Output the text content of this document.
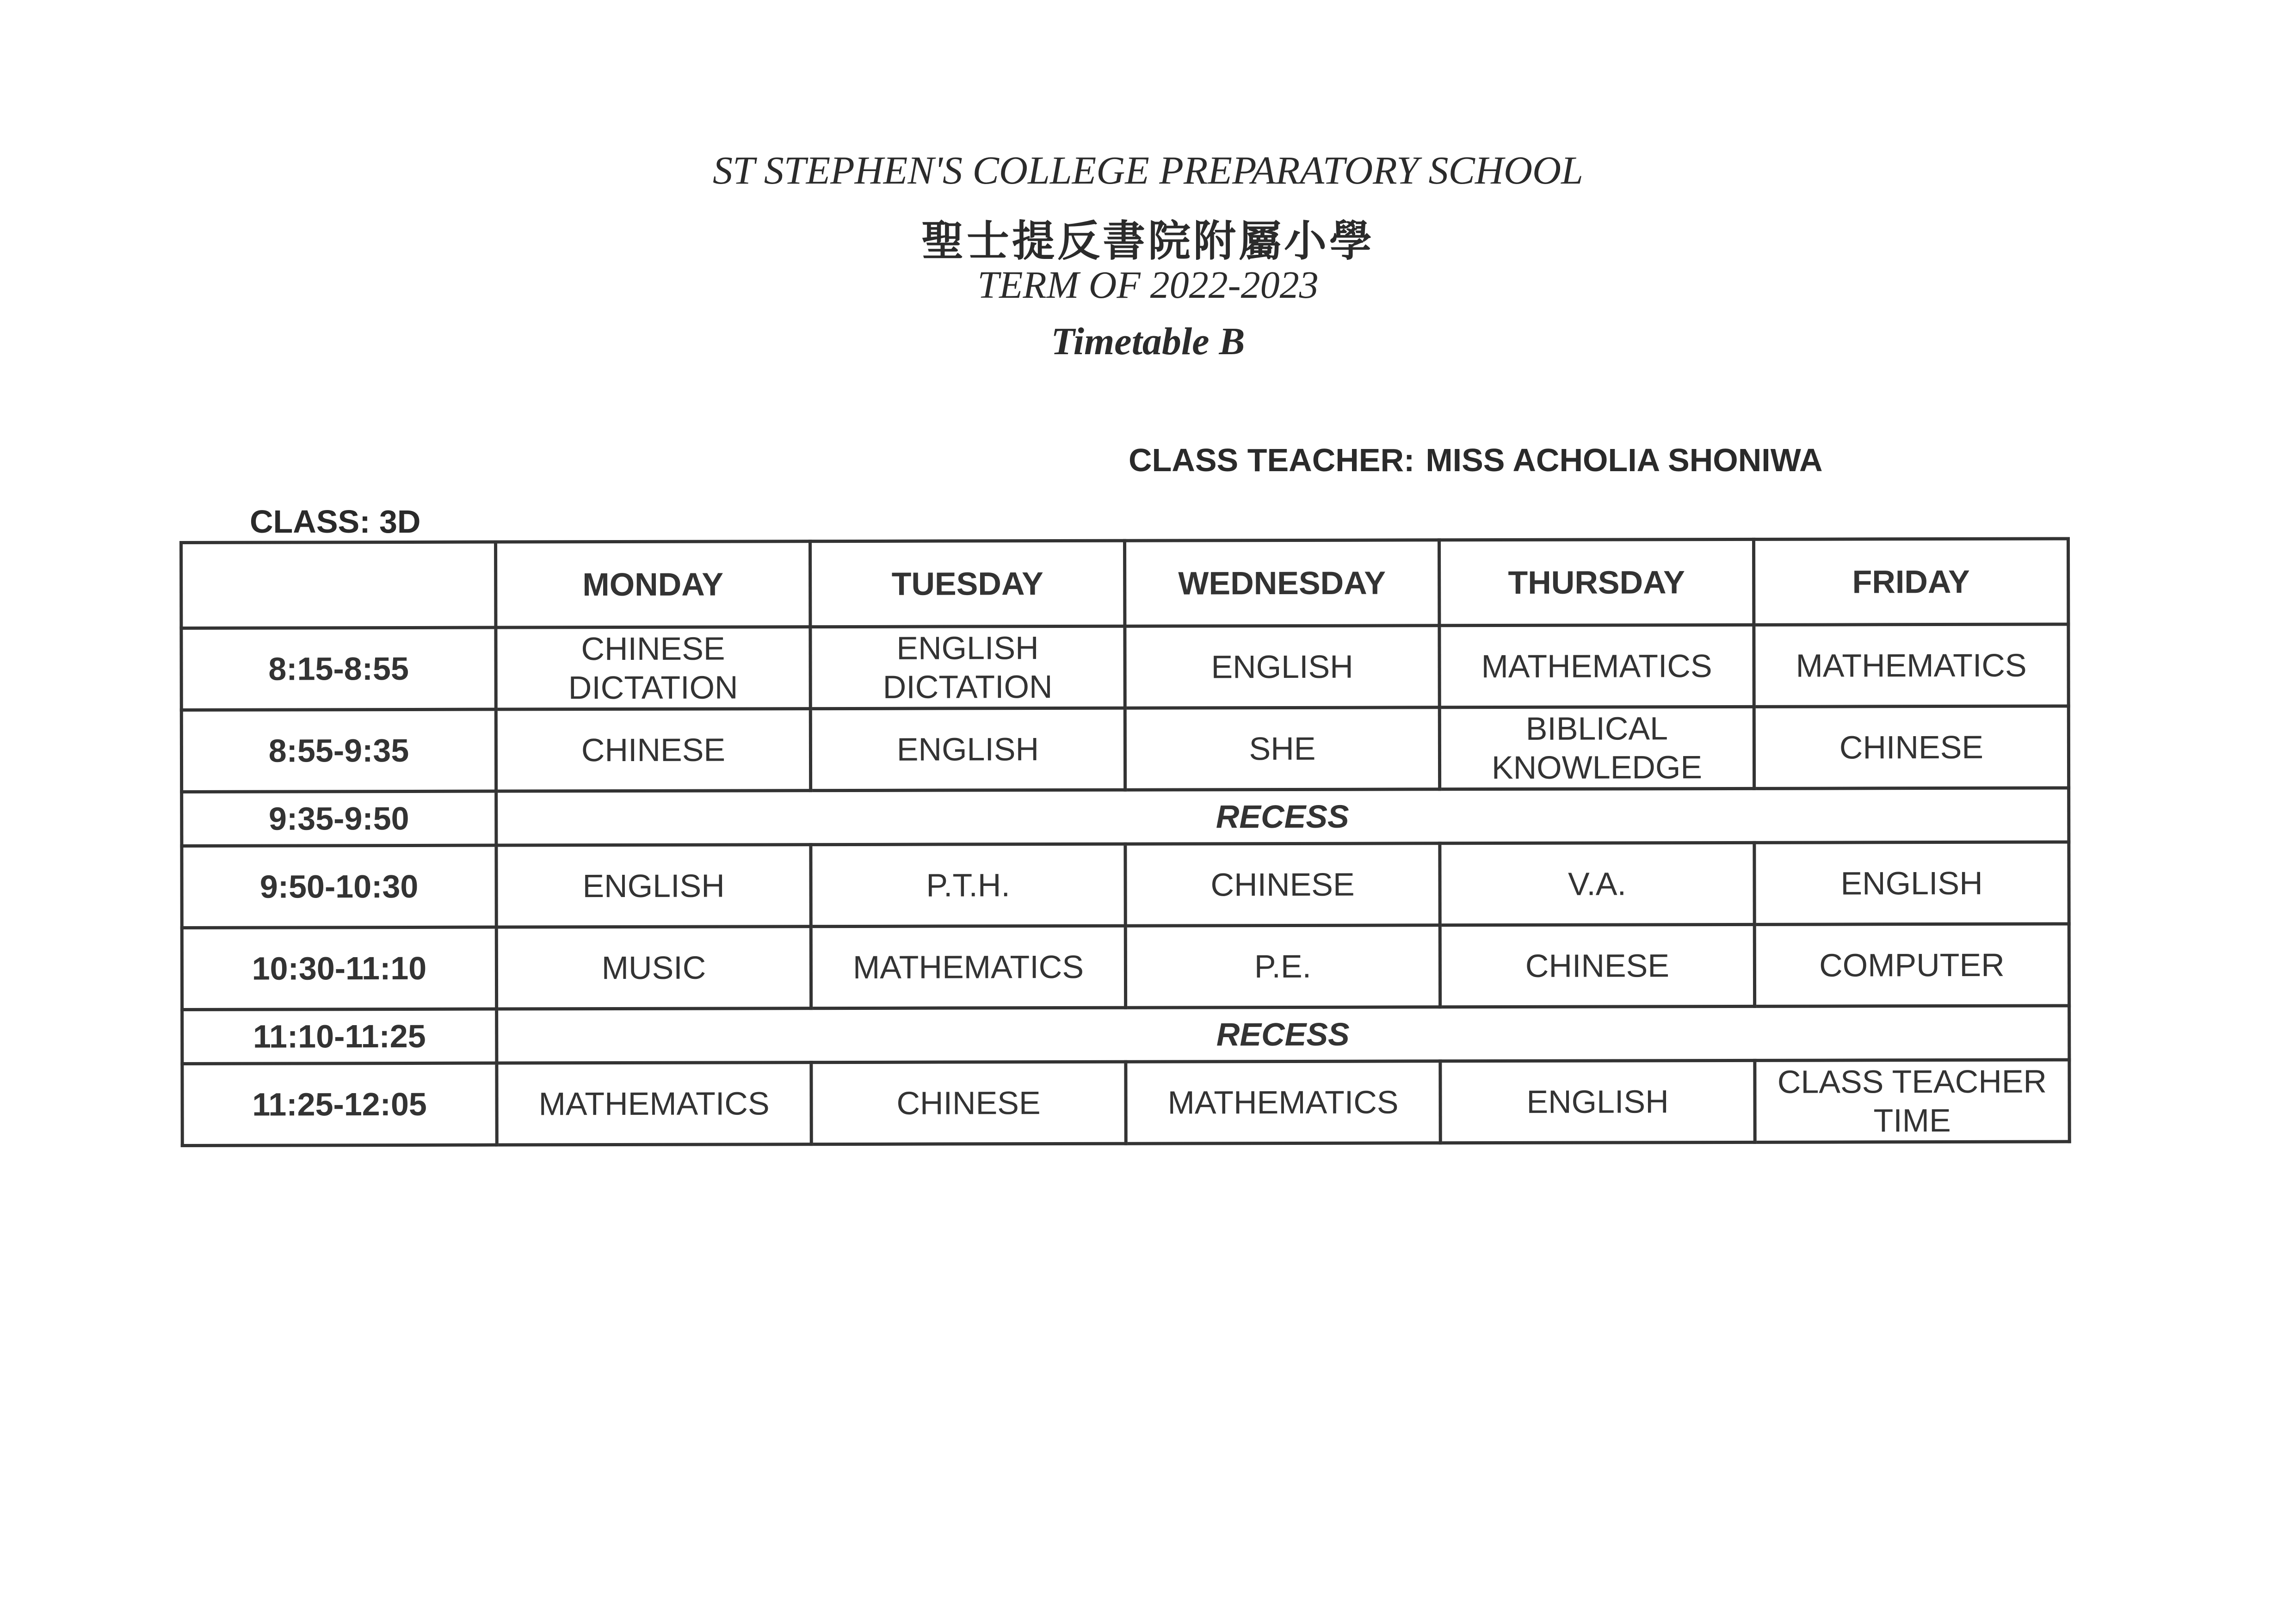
ST STEPHEN'S COLLEGE PREPARATORY SCHOOL
聖士提反書院附屬小學
TERM OF 2022-2023
Timetable B
CLASS TEACHER: MISS ACHOLIA SHONIWA
CLASS: 3D
	MONDAY	TUESDAY	WEDNESDAY	THURSDAY	FRIDAY
8:15-8:55	CHINESE DICTATION	ENGLISH DICTATION	ENGLISH	MATHEMATICS	MATHEMATICS
8:55-9:35	CHINESE	ENGLISH	SHE	BIBLICAL KNOWLEDGE	CHINESE
9:35-9:50	RECESS				
9:50-10:30	ENGLISH	P.T.H.	CHINESE	V.A.	ENGLISH
10:30-11:10	MUSIC	MATHEMATICS	P.E.	CHINESE	COMPUTER
11:10-11:25	RECESS				
11:25-12:05	MATHEMATICS	CHINESE	MATHEMATICS	ENGLISH	CLASS TEACHER TIME
